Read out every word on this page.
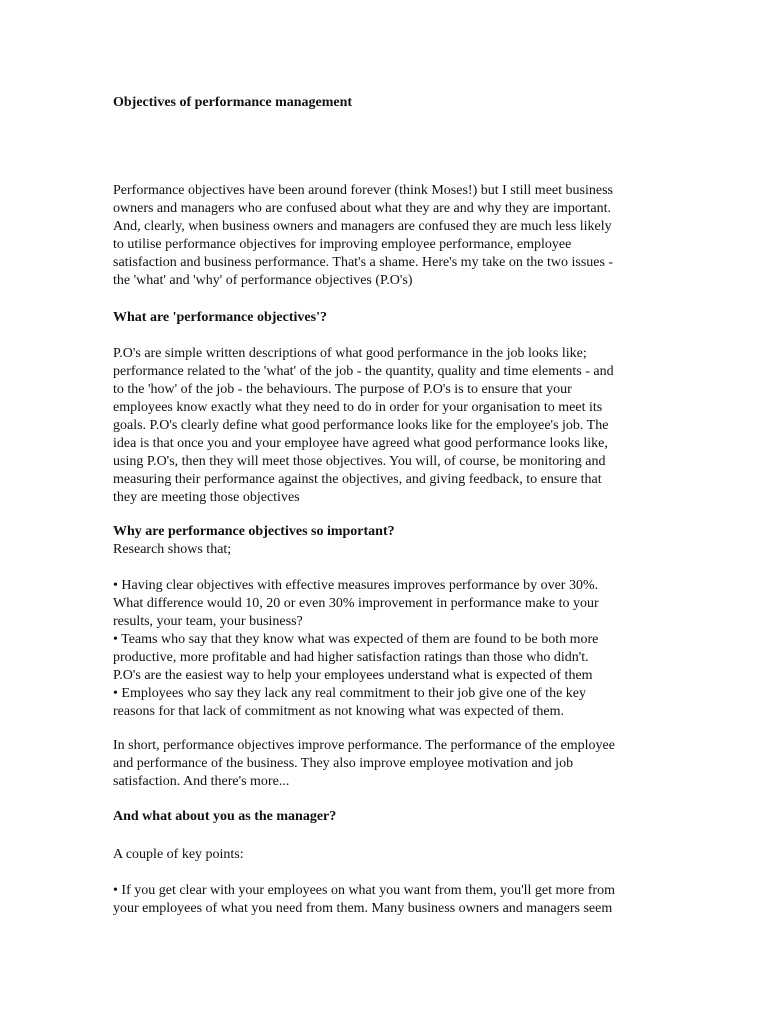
Objectives of performance management

Performance objectives have been around forever (think Moses!) but I still meet business
owners and managers who are confused about what they are and why they are important.
And, clearly, when business owners and managers are confused they are much less likely
to utilise performance objectives for improving employee performance, employee
satisfaction and business performance. That's a shame. Here's my take on the two issues -
the 'what' and 'why' of performance objectives (P.O's)

What are 'performance objectives'?

P.O's are simple written descriptions of what good performance in the job looks like;
performance related to the 'what' of the job - the quantity, quality and time elements - and
to the 'how' of the job - the behaviours. The purpose of P.O's is to ensure that your
employees know exactly what they need to do in order for your organisation to meet its
goals. P.O's clearly define what good performance looks like for the employee's job. The
idea is that once you and your employee have agreed what good performance looks like,
using P.O's, then they will meet those objectives. You will, of course, be monitoring and
measuring their performance against the objectives, and giving feedback, to ensure that
they are meeting those objectives

Why are performance objectives so important?
Research shows that;

• Having clear objectives with effective measures improves performance by over 30%.
What difference would 10, 20 or even 30% improvement in performance make to your
results, your team, your business?
• Teams who say that they know what was expected of them are found to be both more
productive, more profitable and had higher satisfaction ratings than those who didn't.
P.O's are the easiest way to help your employees understand what is expected of them
• Employees who say they lack any real commitment to their job give one of the key
reasons for that lack of commitment as not knowing what was expected of them.

In short, performance objectives improve performance. The performance of the employee
and performance of the business. They also improve employee motivation and job
satisfaction. And there's more...

And what about you as the manager?

A couple of key points:

• If you get clear with your employees on what you want from them, you'll get more from
your employees of what you need from them. Many business owners and managers seem
